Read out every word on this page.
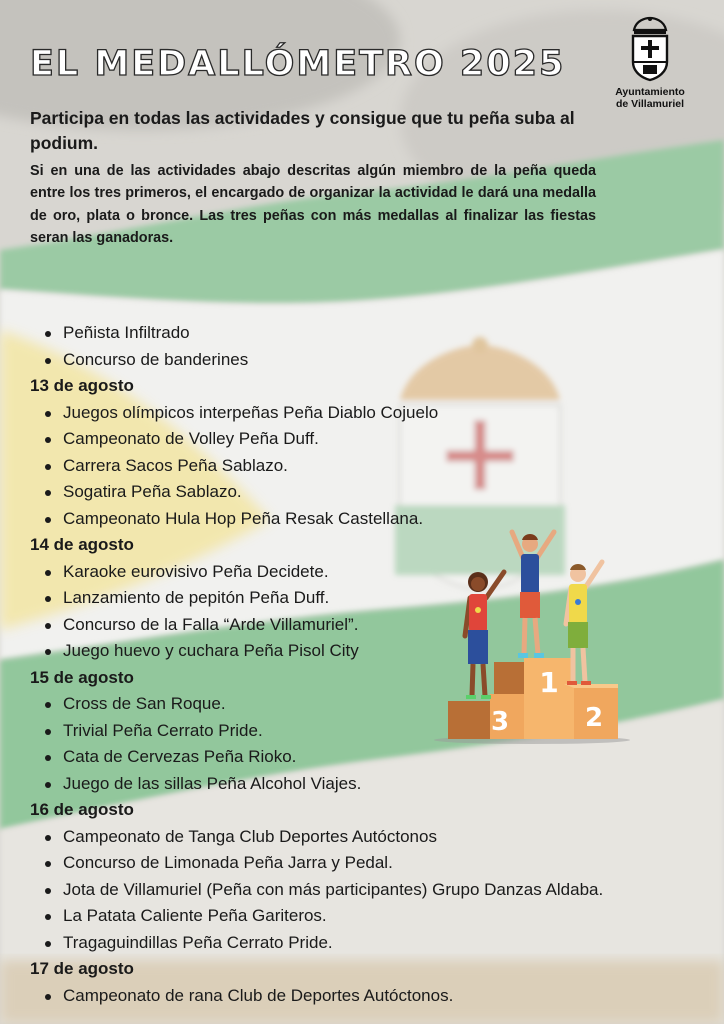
EL MEDALLÓMETRO 2025
Ayuntamiento
de Villamuriel

Participa en todas las actividades y consigue que tu peña suba al podium.

Si en una de las actividades abajo descritas algún miembro de la peña queda entre los tres primeros, el encargado de organizar la actividad le dará una medalla de oro, plata o bronce. Las tres peñas con más medallas al finalizar las fiestas seran las ganadoras.

Peñista Infiltrado
Concurso de banderines
13 de agosto
Juegos olímpicos interpeñas Peña Diablo Cojuelo
Campeonato de Volley Peña Duff.
Carrera Sacos Peña Sablazo.
Sogatira Peña Sablazo.
Campeonato Hula Hop Peña Resak Castellana.
14 de agosto
Karaoke eurovisivo Peña Decidete.
Lanzamiento de pepitón Peña Duff.
Concurso de la Falla “Arde Villamuriel”.
Juego huevo y cuchara Peña Pisol City
15 de agosto
Cross de San Roque.
Trivial Peña Cerrato Pride.
Cata de Cervezas Peña Rioko.
Juego de las sillas Peña Alcohol Viajes.
16 de agosto
Campeonato de Tanga Club Deportes Autóctonos
Concurso de Limonada Peña Jarra y Pedal.
Jota de Villamuriel (Peña con más participantes) Grupo Danzas Aldaba.
La Patata Caliente Peña Gariteros.
Tragaguindillas Peña Cerrato Pride.
17 de agosto
Campeonato de rana Club de Deportes Autóctonos.
1
2
3
